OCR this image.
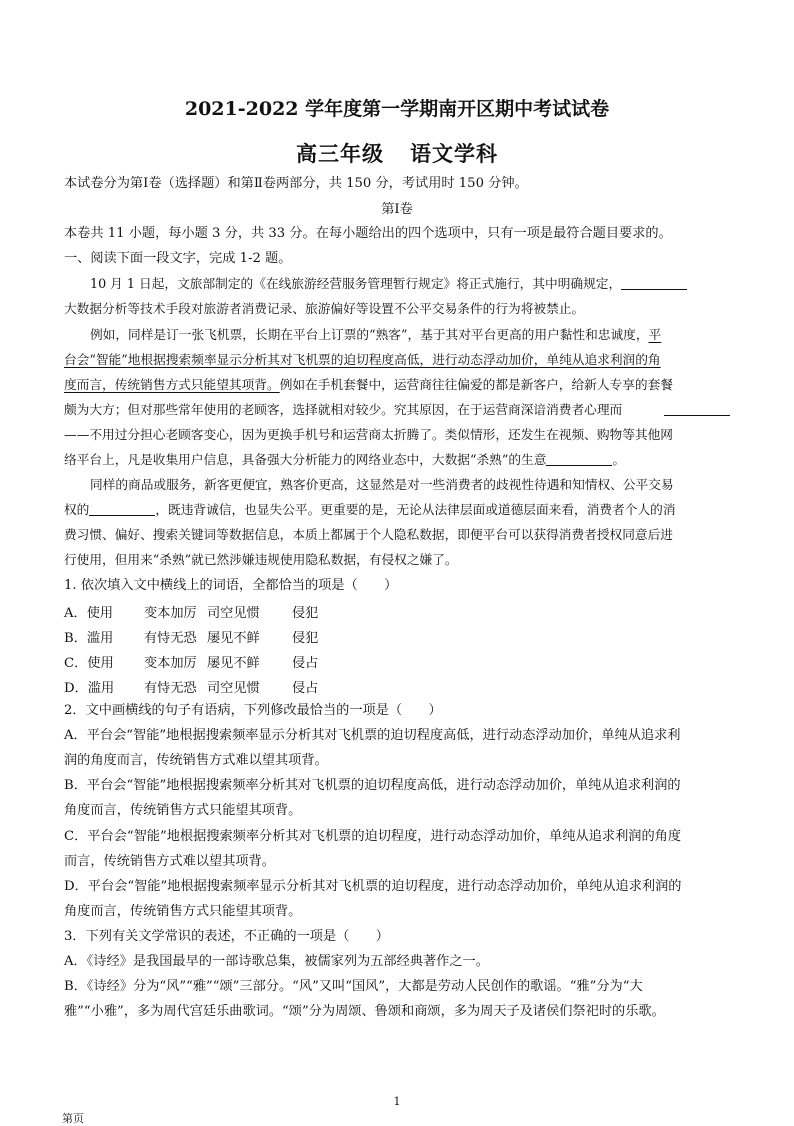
2021-2022 学年度第一学期南开区期中考试试卷
高三年级 语文学科
本试卷分为第Ⅰ卷（选择题）和第Ⅱ卷两部分，共 150 分，考试用时 150 分钟。
第Ⅰ卷
本卷共 11 小题，每小题 3 分，共 33 分。在每小题给出的四个选项中，只有一项是最符合题目要求的。
一、阅读下面一段文字，完成 1-2 题。
10 月 1 日起，文旅部制定的《在线旅游经营服务管理暂行规定》将正式施行，其中明确规定，
大数据分析等技术手段对旅游者消费记录、旅游偏好等设置不公平交易条件的行为将被禁止。
例如，同样是订一张飞机票，长期在平台上订票的“熟客”，基于其对平台更高的用户黏性和忠诚度，平
台会“智能”地根据搜索频率显示分析其对飞机票的迫切程度高低，进行动态浮动加价，单纯从追求利润的角
度而言，传统销售方式只能望其项背。例如在手机套餐中，运营商往往偏爱的都是新客户，给新人专享的套餐
颇为大方；但对那些常年使用的老顾客，选择就相对较少。究其原因，在于运营商深谙消费者心理而
——不用过分担心老顾客变心，因为更换手机号和运营商太折腾了。类似情形，还发生在视频、购物等其他网
络平台上，凡是收集用户信息，具备强大分析能力的网络业态中，大数据“杀熟”的生意	。
同样的商品或服务，新客更便宜，熟客价更高，这显然是对一些消费者的歧视性待遇和知情权、公平交易
权的	，既违背诚信，也显失公平。更重要的是，无论从法律层面或道德层面来看，消费者个人的消
费习惯、偏好、搜索关键词等数据信息，本质上都属于个人隐私数据，即便平台可以获得消费者授权同意后进
行使用，但用来“杀熟”就已然涉嫌违规使用隐私数据，有侵权之嫌了。
1. 依次填入文中横线上的词语，全都恰当的项是（　　）
A．使用 变本加厉 司空见惯 侵犯
B．滥用 有恃无恐 屡见不鲜 侵犯
C．使用 变本加厉 屡见不鲜 侵占
D．滥用 有恃无恐 司空见惯 侵占
2．文中画横线的句子有语病，下列修改最恰当的一项是（　　）
A．平台会“智能”地根据搜索频率显示分析其对飞机票的迫切程度高低，进行动态浮动加价，单纯从追求利
润的角度而言，传统销售方式难以望其项背。
B．平台会“智能”地根据搜索频率分析其对飞机票的迫切程度高低，进行动态浮动加价，单纯从追求利润的
角度而言，传统销售方式只能望其项背。
C．平台会“智能”地根据搜索频率分析其对飞机票的迫切程度，进行动态浮动加价，单纯从追求利润的角度
而言，传统销售方式难以望其项背。
D．平台会“智能”地根据搜索频率显示分析其对飞机票的迫切程度，进行动态浮动加价，单纯从追求利润的
角度而言，传统销售方式只能望其项背。
3．下列有关文学常识的表述，不正确的一项是（　　）
A．《诗经》是我国最早的一部诗歌总集，被儒家列为五部经典著作之一。
B．《诗经》分为“风”“雅”“颂”三部分。“风”又叫“国风”，大都是劳动人民创作的歌谣。“雅”分为“大
雅”“小雅”，多为周代宫廷乐曲歌词。“颂”分为周颂、鲁颂和商颂，多为周天子及诸侯们祭祀时的乐歌。
1
第页
